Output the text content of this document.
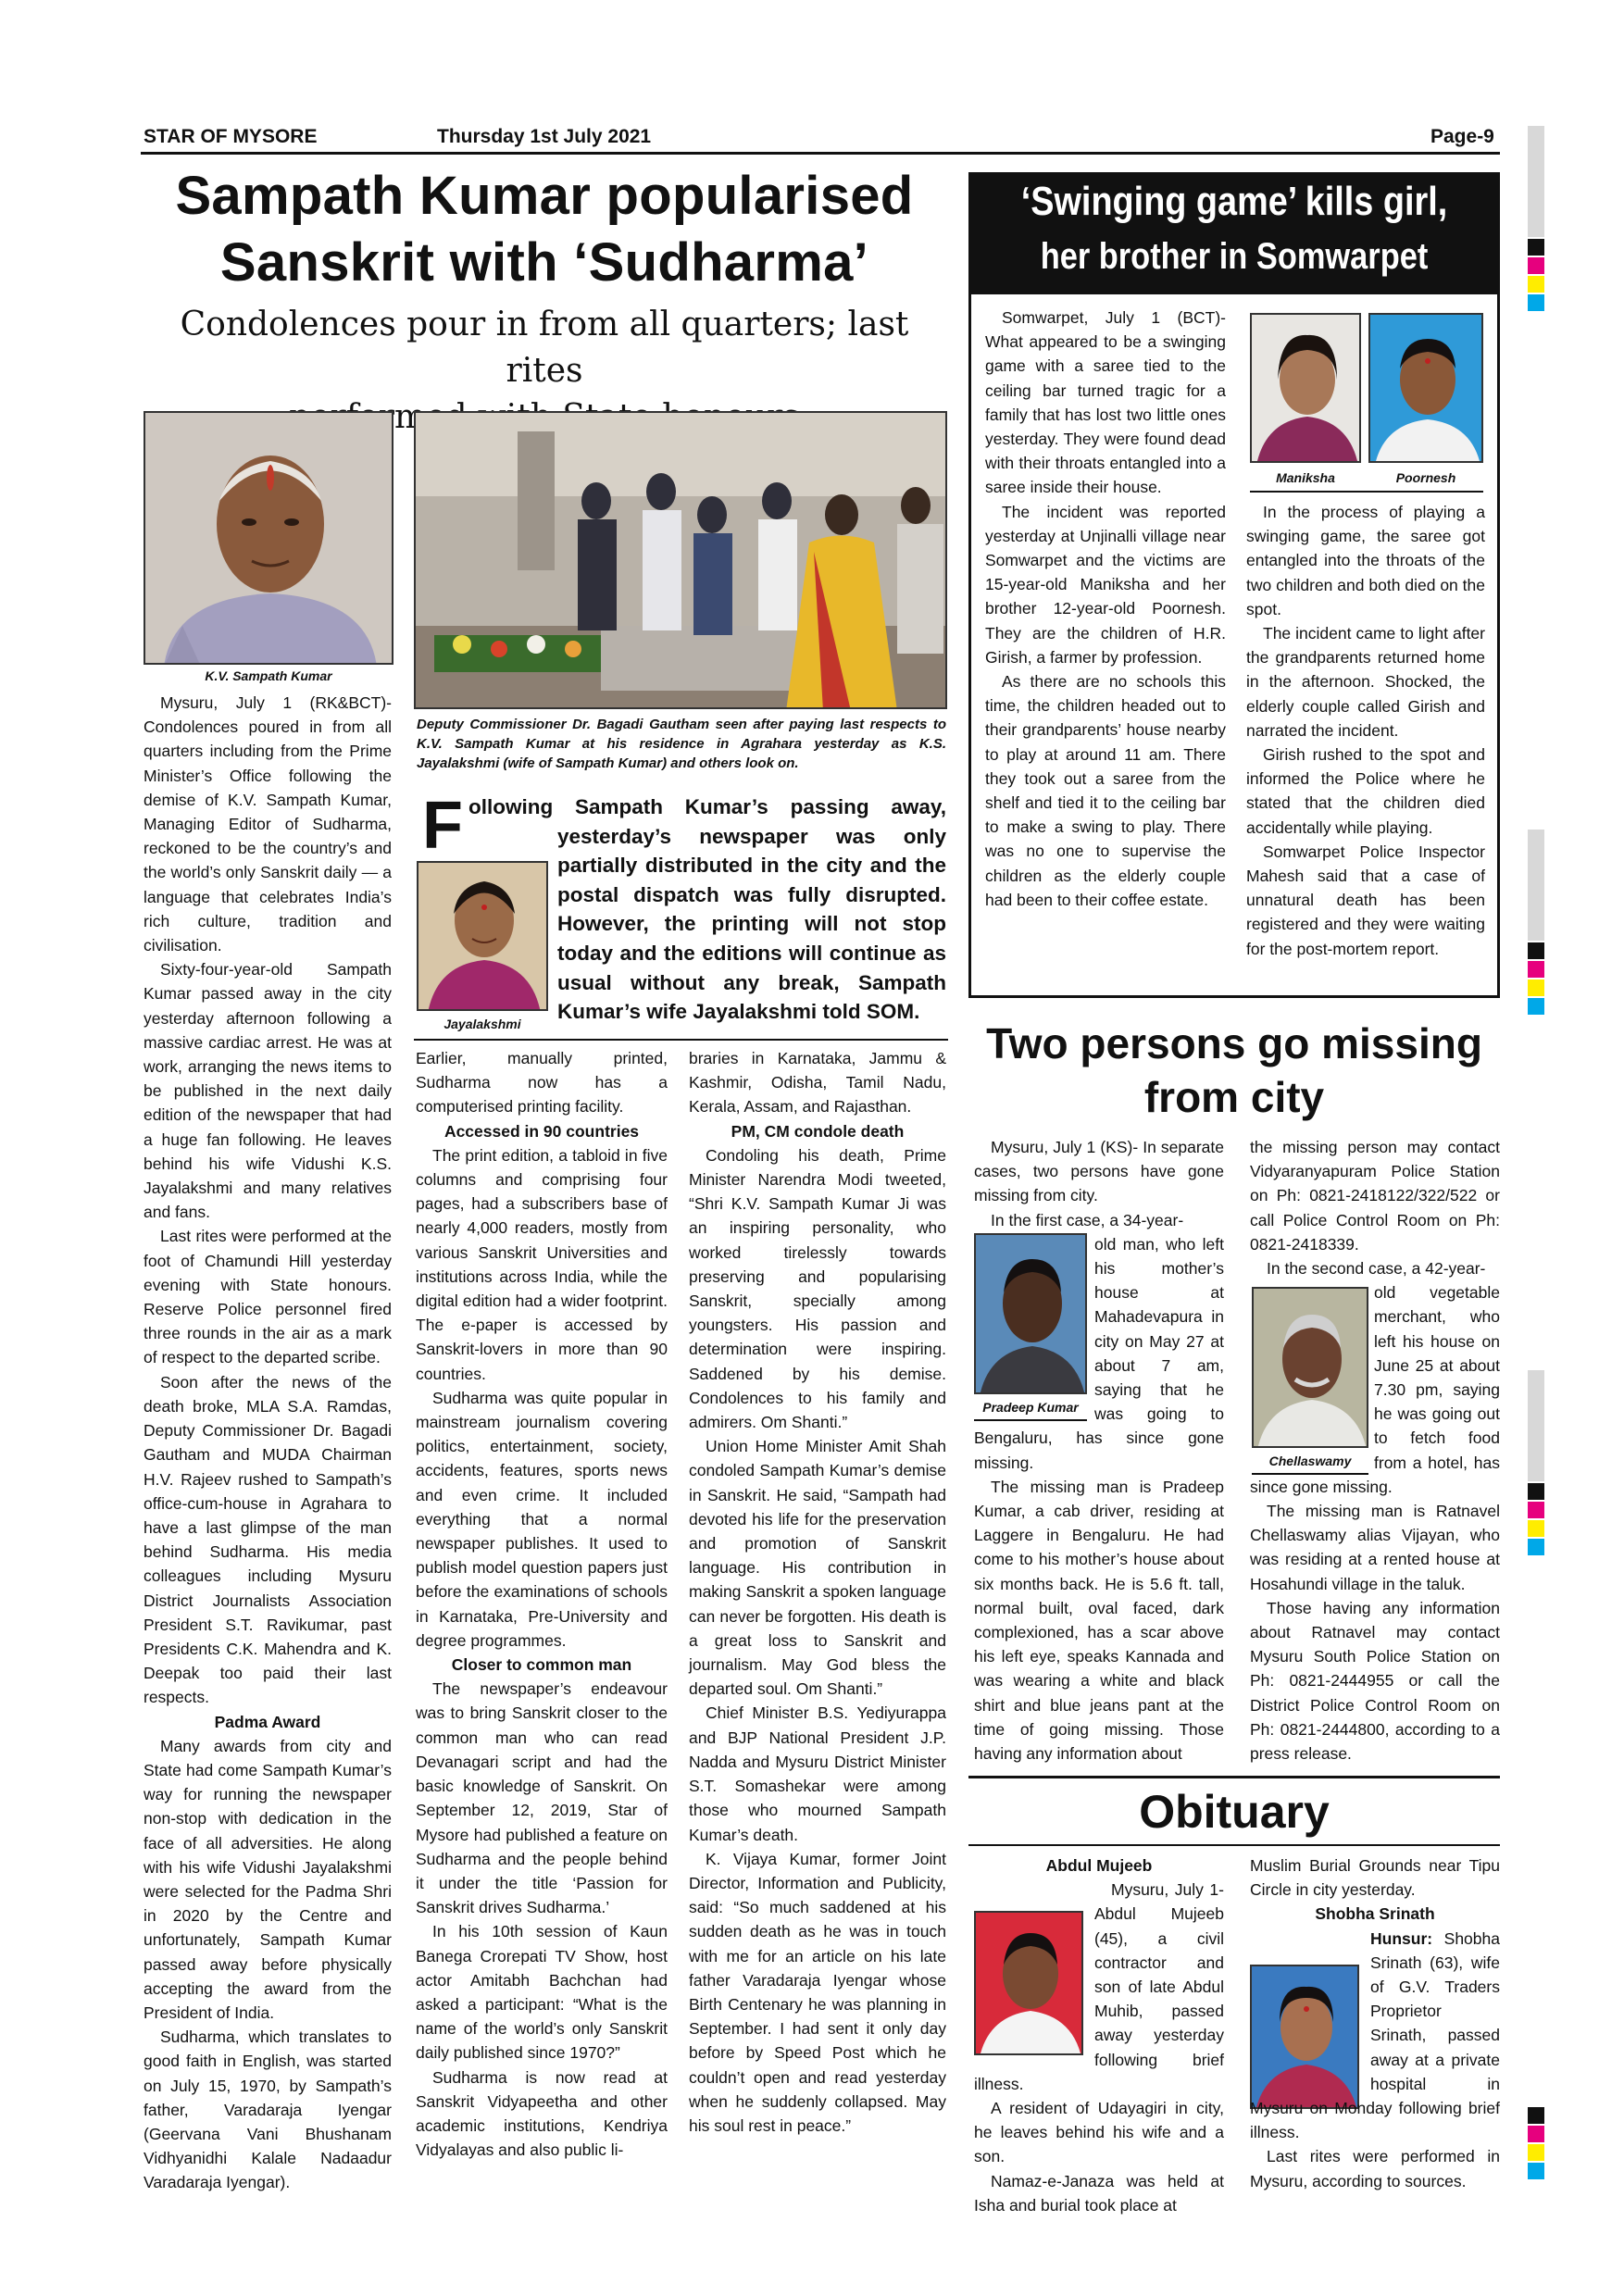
STAR OF MYSORE	Thursday 1st July 2021	Page-9
Sampath Kumar popularised
Sanskrit with ‘Sudharma’
Condolences pour in from all quarters; last rites
K.V. Sampath Kumar
Deputy Commissioner Dr. Bagadi Gautham seen after paying last respects to K.V. Sampath Kumar at his residence in Agrahara yesterday as K.S. Jayalakshmi (wife of Sampath Kumar) and others look on.

Mysuru, July 1 (RK&BCT)- Condolences poured in from all quarters including from the Prime Minister’s Office following the demise of K.V. Sampath Kumar, Managing Editor of Sudharma, reckoned to be the country’s and the world’s only Sanskrit daily — a language that celebrates India’s rich culture, tradition and civilisation.

Sixty-four-year-old Sampath Kumar passed away in the city yesterday afternoon following a massive cardiac arrest. He was at work, arranging the news items to be published in the next daily edition of the newspaper that had a huge fan following. He leaves behind his wife Vidushi K.S. Jayalakshmi and many relatives and fans.

Last rites were performed at the foot of Chamundi Hill yesterday evening with State honours. Reserve Police personnel fired three rounds in the air as a mark of respect to the departed scribe.

Soon after the news of the death broke, MLA S.A. Ramdas, Deputy Commissioner Dr. Bagadi Gautham and MUDA Chairman H.V. Rajeev rushed to Sampath’s office-cum-house in Agrahara to have a last glimpse of the man behind Sudharma. His media colleagues including Mysuru District Journalists Association President S.T. Ravikumar, past Presidents C.K. Mahendra and K. Deepak too paid their last respects.

Padma Award

Many awards from city and State had come Sampath Kumar’s way for running the newspaper non-stop with dedication in the face of all adversities. He along with his wife Vidushi Jayalakshmi were selected for the Padma Shri in 2020 by the Centre and unfortunately, Sampath Kumar passed away before physically accepting the award from the President of India.

Sudharma, which translates to good faith in English, was started on July 15, 1970, by Sampath’s father, Varadaraja Iyengar (Geervana Vani Bhushanam Vidhyanidhi Kalale Nadaadur Varadaraja Iyengar).

Jayalakshmi
F ollowing Sampath Kumar’s passing away, yesterday’s newspaper was only partially distributed in the city and the postal dispatch was fully disrupted. However, the printing will not stop today and the editions will continue as usual without any break, Sampath Kumar’s wife Jayalakshmi told SOM.

Earlier, manually printed, Sudharma now has a computerised printing facility.

Accessed in 90 countries

The print edition, a tabloid in five columns and comprising four pages, had a subscribers base of nearly 4,000 readers, mostly from various Sanskrit Universities and institutions across India, while the digital edition had a wider footprint. The e-paper is accessed by Sanskrit-lovers in more than 90 countries.

Sudharma was quite popular in mainstream journalism covering politics, entertainment, society, accidents, features, sports news and even crime. It included everything that a normal newspaper publishes. It used to publish model question papers just before the examinations of schools in Karnataka, Pre-University and degree programmes.

Closer to common man

The newspaper’s endeavour was to bring Sanskrit closer to the common man who can read Devanagari script and had the basic knowledge of Sanskrit. On September 12, 2019, Star of Mysore had published a feature on Sudharma and the people behind it under the title ‘Passion for Sanskrit drives Sudharma.’

In his 10th session of Kaun Banega Crorepati TV Show, host actor Amitabh Bachchan had asked a participant: “What is the name of the world’s only Sanskrit daily published since 1970?”

Sudharma is now read at Sanskrit Vidyapeetha and other academic institutions, Kendriya Vidyalayas and also public li-

braries in Karnataka, Jammu & Kashmir, Odisha, Tamil Nadu, Kerala, Assam, and Rajasthan.

PM, CM condole death

Condoling his death, Prime Minister Narendra Modi tweeted, “Shri K.V. Sampath Kumar Ji was an inspiring personality, who worked tirelessly towards preserving and popularising Sanskrit, specially among youngsters. His passion and determination were inspiring. Saddened by his demise. Condolences to his family and admirers. Om Shanti.”

Union Home Minister Amit Shah condoled Sampath Kumar’s demise in Sanskrit. He said, “Sampath had devoted his life for the preservation and promotion of Sanskrit language. His contribution in making Sanskrit a spoken language can never be forgotten. His death is a great loss to Sanskrit and journalism. May God bless the departed soul. Om Shanti.”

Chief Minister B.S. Yediyurappa and BJP National President J.P. Nadda and Mysuru District Minister S.T. Somashekar were among those who mourned Sampath Kumar’s death.

K. Vijaya Kumar, former Joint Director, Information and Publicity, said: “So much saddened at his sudden death as he was in touch with me for an article on his late father Varadaraja Iyengar whose Birth Centenary he was planning in September. I had sent it only day before by Speed Post which he couldn’t open and read yesterday when he suddenly collapsed. May his soul rest in peace.”

‘Swinging game’ kills girl,
her brother in Somwarpet
Maniksha	Poornesh

Somwarpet, July 1 (BCT)- What appeared to be a swinging game with a saree tied to the ceiling bar turned tragic for a family that has lost two little ones yesterday. They were found dead with their throats entangled into a saree inside their house.

The incident was reported yesterday at Unjinalli village near Somwarpet and the victims are 15-year-old Maniksha and her brother 12-year-old Poornesh. They are the children of H.R. Girish, a farmer by profession.

As there are no schools this time, the children headed out to their grandparents’ house nearby to play at around 11 am. There they took out a saree from the shelf and tied it to the ceiling bar to make a swing to play. There was no one to supervise the children as the elderly couple had been to their coffee estate.

In the process of playing a swinging game, the saree got entangled into the throats of the two children and both died on the spot.

The incident came to light after the grandparents returned home in the afternoon. Shocked, the elderly couple called Girish and narrated the incident.

Girish rushed to the spot and informed the Police where he stated that the children died accidentally while playing.

Somwarpet Police Inspector Mahesh said that a case of unnatural death has been registered and they were waiting for the post-mortem report.

Two persons go missing
from city
Pradeep Kumar
Chellaswamy

Mysuru, July 1 (KS)- In separate cases, two persons have gone missing from city.

In the first case, a 34-year-

old man, who left his mother’s house at Mahadevapura in city on May 27 at about 7 am, saying that he was going to Bengaluru, has since gone missing.

The missing man is Pradeep Kumar, a cab driver, residing at Laggere in Bengaluru. He had come to his mother’s house about six months back. He is 5.6 ft. tall, normal built, oval faced, dark complexioned, has a scar above his left eye, speaks Kannada and was wearing a white and black shirt and blue jeans pant at the time of going missing. Those having any information about

the missing person may contact Vidyaranyapuram Police Station on Ph: 0821-2418122/322/522 or call Police Control Room on Ph: 0821-2418339.

In the second case, a 42-year-

old vegetable merchant, who left his house on June 25 at about 7.30 pm, saying he was going out to fetch food from a hotel, has since gone missing.

The missing man is Ratnavel Chellaswamy alias Vijayan, who was residing at a rented house at Hosahundi village in the taluk.

Those having any information about Ratnavel may contact Mysuru South Police Station on Ph: 0821-2444955 or call the District Police Control Room on Ph: 0821-2444800, according to a press release.

Obituary

Abdul Mujeeb

Mysuru, July 1- Abdul Mujeeb (45), a civil contractor and son of late Abdul Muhib, passed away yesterday following brief illness.

A resident of Udayagiri in city, he leaves behind his wife and a son.

Namaz-e-Janaza was held at Isha and burial took place at

Muslim Burial Grounds near Tipu Circle in city yesterday.

Shobha Srinath

Hunsur: Shobha Srinath (63), wife of G.V. Traders Proprietor Srinath, passed away at a private hospital in Mysuru on Monday following brief illness.

Last rites were performed in Mysuru, according to sources.
